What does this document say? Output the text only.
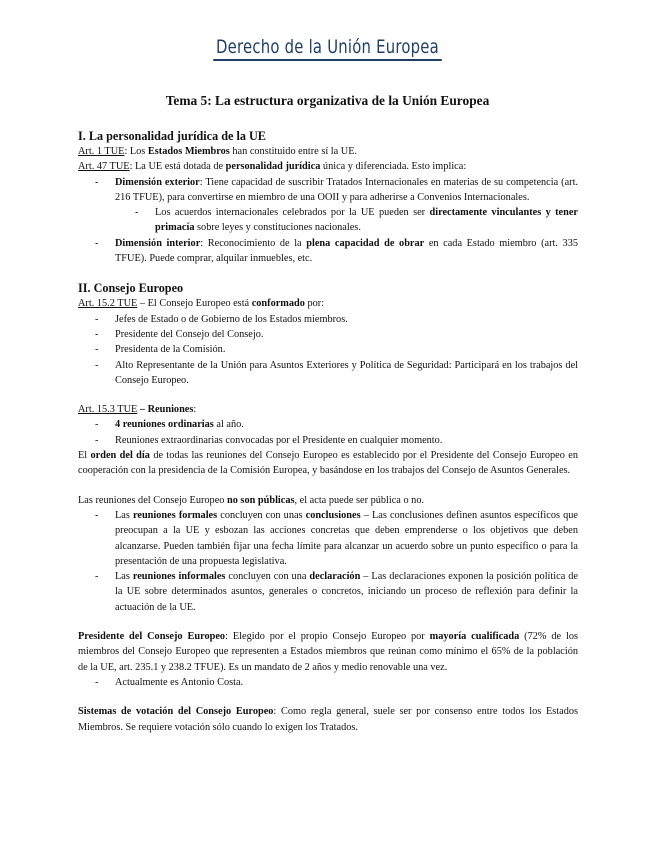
Derecho de la Unión Europea
Tema 5: La estructura organizativa de la Unión Europea

I. La personalidad jurídica de la UE

Art. 1 TUE: Los Estados Miembros han constituido entre sí la UE.

Art. 47 TUE: La UE está dotada de personalidad jurídica única y diferenciada. Esto implica:

- Dimensión exterior: Tiene capacidad de suscribir Tratados Internacionales en materias de su competencia (art. 216 TFUE), para convertirse en miembro de una OOII y para adherirse a Convenios Internacionales.
- Los acuerdos internacionales celebrados por la UE pueden ser directamente vinculantes y tener primacía sobre leyes y constituciones nacionales.
- Dimensión interior: Reconocimiento de la plena capacidad de obrar en cada Estado miembro (art. 335 TFUE). Puede comprar, alquilar inmuebles, etc.

II. Consejo Europeo

Art. 15.2 TUE – El Consejo Europeo está conformado por:

- Jefes de Estado o de Gobierno de los Estados miembros.
- Presidente del Consejo del Consejo.
- Presidenta de la Comisión.
- Alto Representante de la Unión para Asuntos Exteriores y Política de Seguridad: Participará en los trabajos del Consejo Europeo.

Art. 15.3 TUE – Reuniones:

- 4 reuniones ordinarias al año.
- Reuniones extraordinarias convocadas por el Presidente en cualquier momento.

El orden del día de todas las reuniones del Consejo Europeo es establecido por el Presidente del Consejo Europeo en cooperación con la presidencia de la Comisión Europea, y basándose en los trabajos del Consejo de Asuntos Generales.

Las reuniones del Consejo Europeo no son públicas, el acta puede ser pública o no.

- Las reuniones formales concluyen con unas conclusiones – Las conclusiones definen asuntos específicos que preocupan a la UE y esbozan las acciones concretas que deben emprenderse o los objetivos que deben alcanzarse. Pueden también fijar una fecha límite para alcanzar un acuerdo sobre un punto específico o para la presentación de una propuesta legislativa.
- Las reuniones informales concluyen con una declaración – Las declaraciones exponen la posición política de la UE sobre determinados asuntos, generales o concretos, iniciando un proceso de reflexión para definir la actuación de la UE.

Presidente del Consejo Europeo: Elegido por el propio Consejo Europeo por mayoría cualificada (72% de los miembros del Consejo Europeo que representen a Estados miembros que reúnan como mínimo el 65% de la población de la UE, art. 235.1 y 238.2 TFUE). Es un mandato de 2 años y medio renovable una vez.

- Actualmente es Antonio Costa.

Sistemas de votación del Consejo Europeo: Como regla general, suele ser por consenso entre todos los Estados Miembros. Se requiere votación sólo cuando lo exigen los Tratados.
